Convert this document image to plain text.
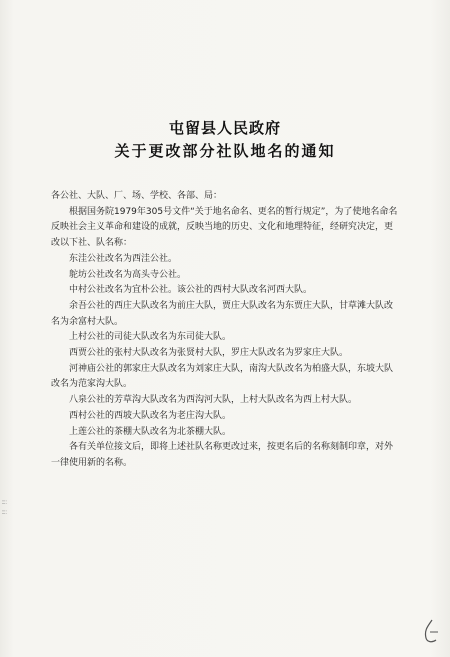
⁞⁞ ⁞⁞
屯留县人民政府
关于更改部分社队地名的通知

各公社、大队、厂、场、学校、各部、局：

根据国务院1979年305号文件“关于地名命名、更名的暂行规定”，为了使地名命名反映社会主义革命和建设的成就，反映当地的历史、文化和地理特征，经研究决定，更改以下社、队名称：

东洼公社改名为西洼公社。

鸵坊公社改名为高头寺公社。

中村公社改名为宜朴公社。该公社的西村大队改名河西大队。

余吾公社的西庄大队改名为前庄大队，贾庄大队改名为东贾庄大队，甘草滩大队改名为余富村大队。

上村公社的司徒大队改名为东司徒大队。

西贾公社的张村大队改名为张贤村大队，罗庄大队改名为罗家庄大队。

河神庙公社的郭家庄大队改名为刘家庄大队，南沟大队改名为柏盛大队，东坡大队改名为范家沟大队。

八泉公社的芳草沟大队改名为西沟河大队，上村大队改名为西上村大队。

西村公社的西坡大队改名为老庄沟大队。

上莲公社的茶棚大队改名为北茶棚大队。

各有关单位接文后，即将上述社队名称更改过来，按更名后的名称刻制印章，对外一律使用新的名称。
